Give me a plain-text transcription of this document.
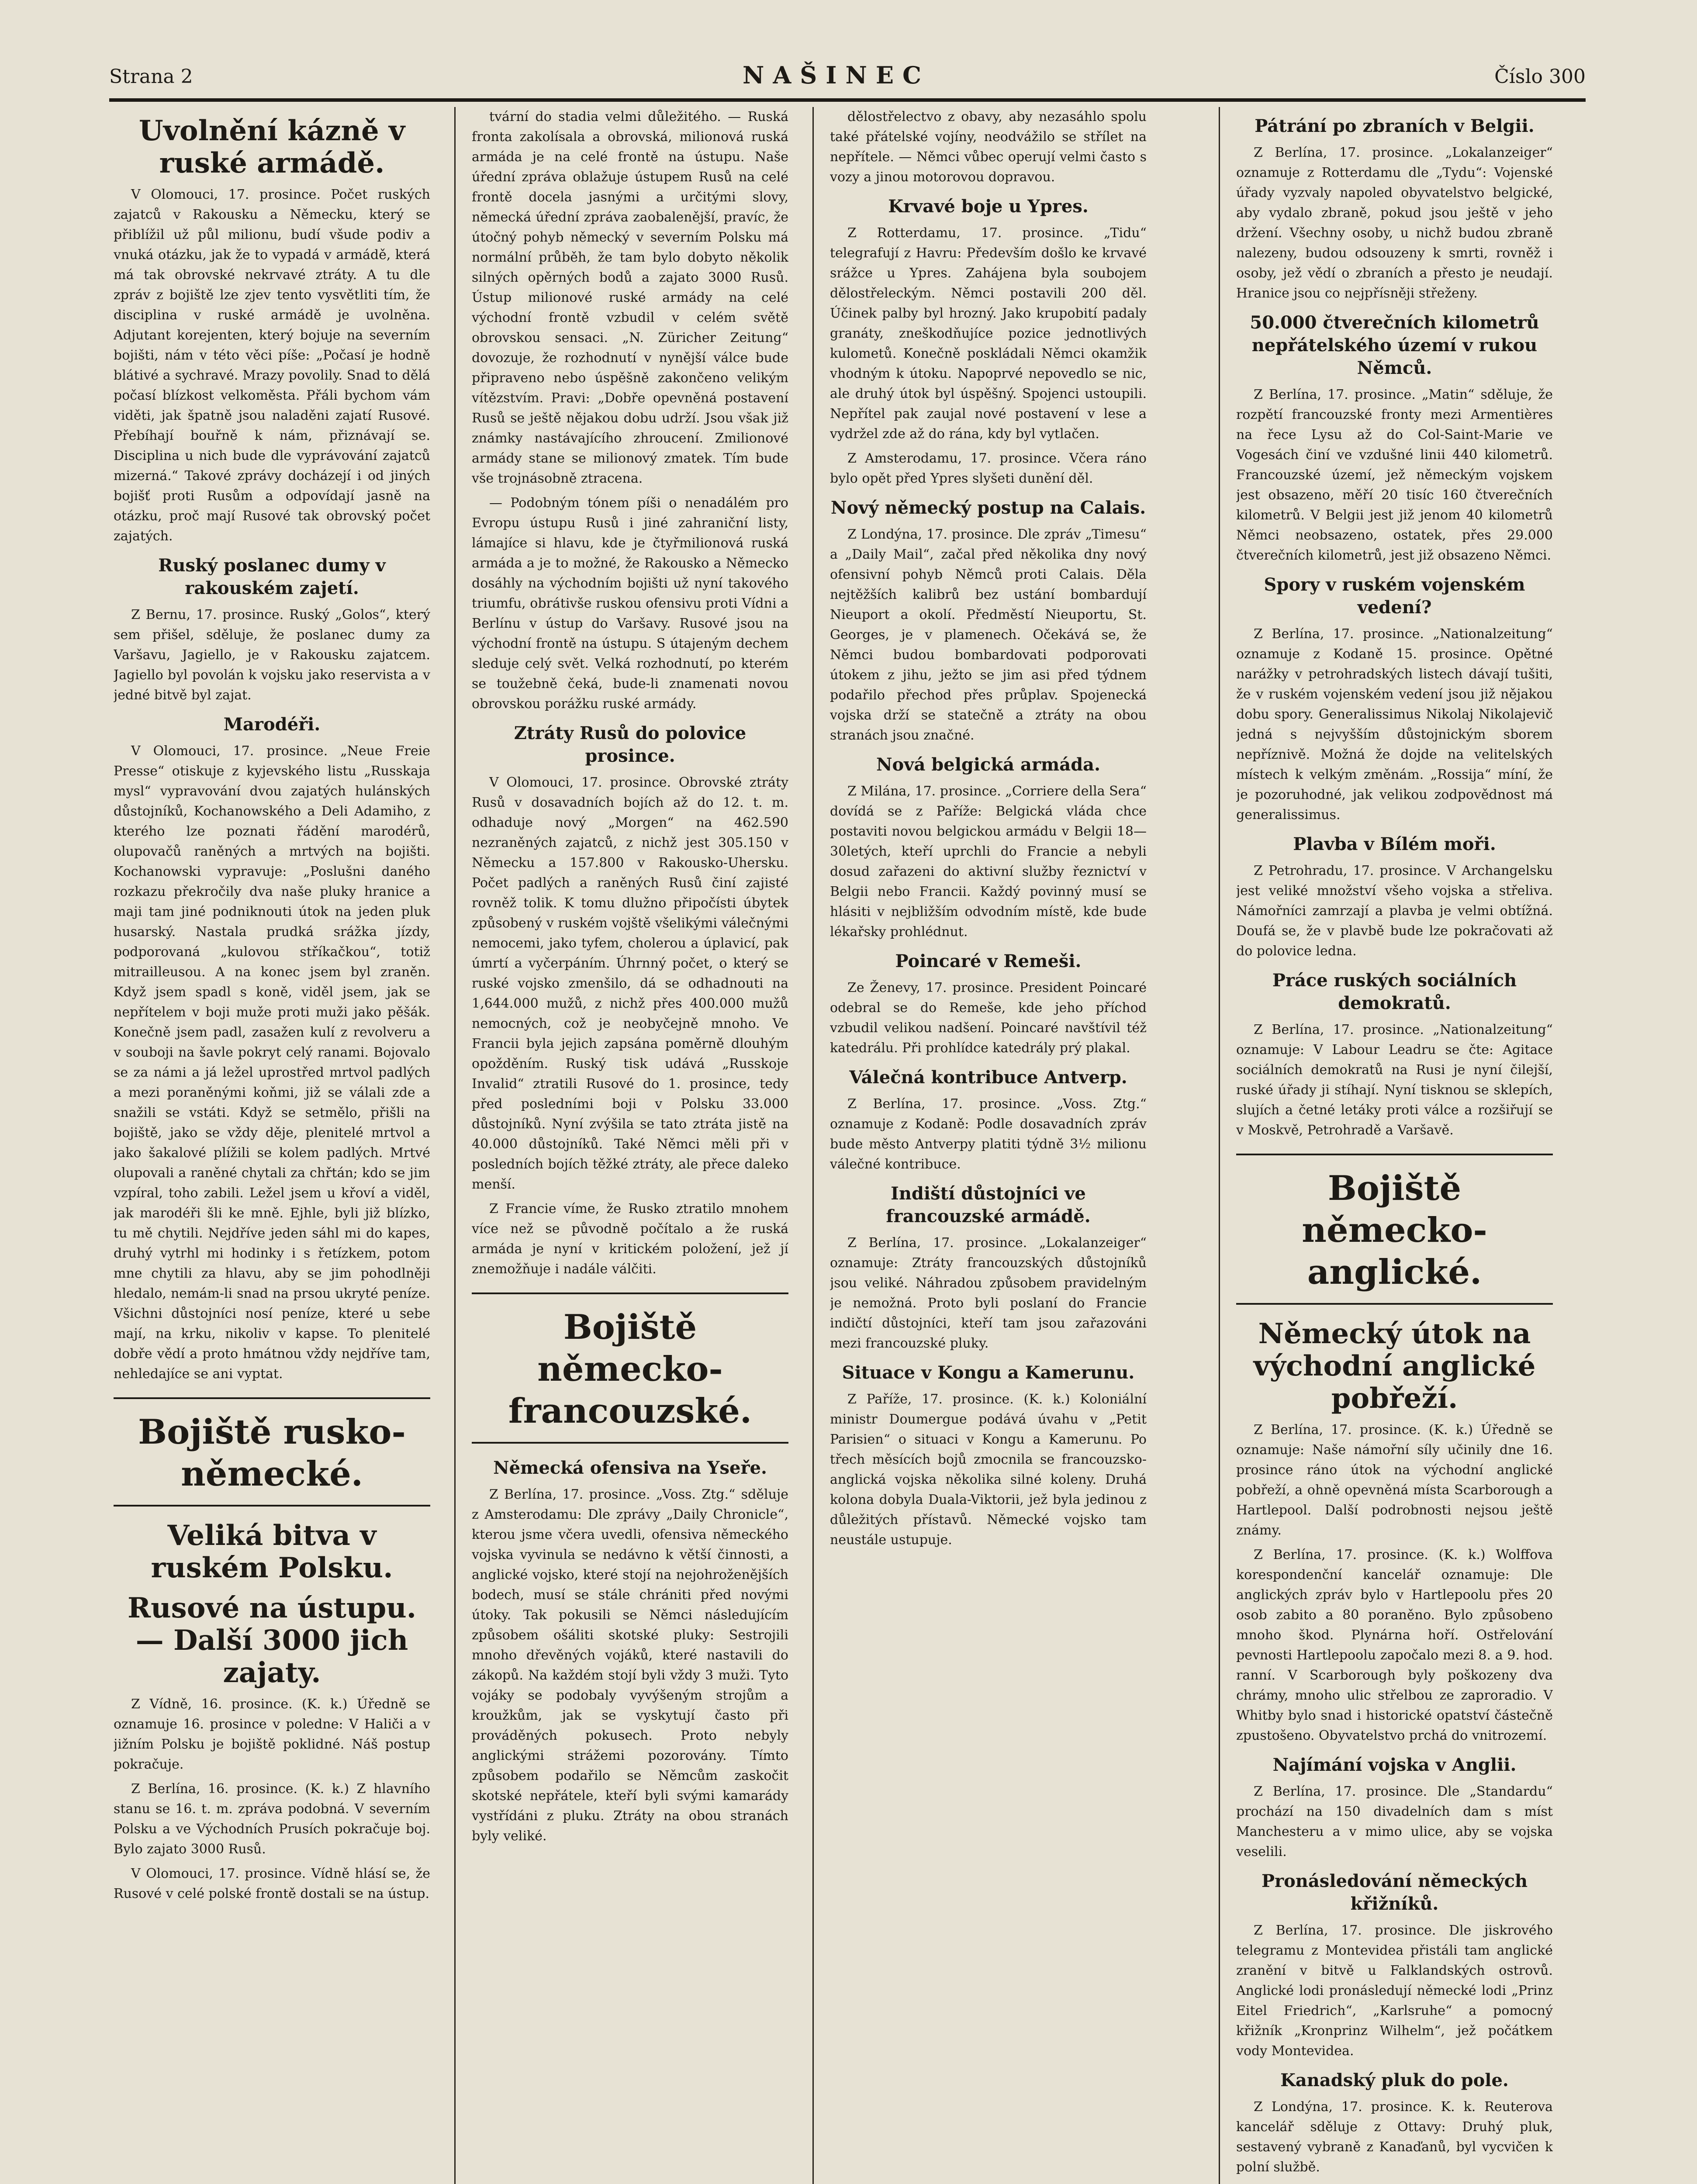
Strana 2	NAŠINEC	Číslo 300
Uvolnění kázně v ruské armádě.

V Olomouci, 17. prosince. Počet ruských zajatců v Rakousku a Německu, který se přiblížil už půl milionu, budí všude podiv a vnuká otázku, jak že to vypadá v armádě, která má tak obrovské nekrvavé ztráty. A tu dle zpráv z bojiště lze zjev tento vysvětliti tím, že disciplina v ruské armádě je uvolněna. Adjutant korejenten, který bojuje na severním bojišti, nám v této věci píše: „Počasí je hodně blátivé a sychravé. Mrazy povolily. Snad to dělá počasí blízkost velkoměsta. Přáli bychom vám viděti, jak špatně jsou naladěni zajatí Rusové. Přebíhají bouřně k nám, přiznávají se. Disciplina u nich bude dle vyprávování zajatců mizerná.“ Takové zprávy docházejí i od jiných bojišť proti Rusům a odpovídají jasně na otázku, proč mají Rusové tak obrovský počet zajatých.

Ruský poslanec dumy v rakouském zajetí.

Z Bernu, 17. prosince. Ruský „Golos“, který sem přišel, sděluje, že poslanec dumy za Varšavu, Jagiello, je v Rakousku zajatcem. Jagiello byl povolán k vojsku jako reservista a v jedné bitvě byl zajat.

Marodéři.

V Olomouci, 17. prosince. „Neue Freie Presse“ otiskuje z kyjevského listu „Russkaja mysl“ vypravování dvou zajatých hulánských důstojníků, Kochanowského a Deli Adamiho, z kterého lze poznati řádění marodérů, olupovačů raněných a mrtvých na bojišti. Kochanowski vypravuje: „Poslušni daného rozkazu překročily dva naše pluky hranice a maji tam jiné podniknouti útok na jeden pluk husarský. Nastala prudká srážka jízdy, podporovaná „kulovou stříkačkou“, totiž mitrailleusou. A na konec jsem byl zraněn. Když jsem spadl s koně, viděl jsem, jak se nepřítelem v boji muže proti muži jako pěšák. Konečně jsem padl, zasažen kulí z revolveru a v souboji na šavle pokryt celý ranami. Bojovalo se za námi a já ležel uprostřed mrtvol padlých a mezi poraněnými koňmi, již se válali zde a snažili se vstáti. Když se setmělo, přišli na bojiště, jako se vždy děje, plenitelé mrtvol a jako šakalové plížili se kolem padlých. Mrtvé olupovali a raněné chytali za chřtán; kdo se jim vzpíral, toho zabili. Ležel jsem u křoví a viděl, jak marodéři šli ke mně. Ejhle, byli již blízko, tu mě chytili. Nejdříve jeden sáhl mi do kapes, druhý vytrhl mi hodinky i s řetízkem, potom mne chytili za hlavu, aby se jim pohodlněji hledalo, nemám-li snad na prsou ukryté peníze. Všichni důstojníci nosí peníze, které u sebe mají, na krku, nikoliv v kapse. To plenitelé dobře vědí a proto hmátnou vždy nejdříve tam, nehledajíce se ani vyptat.

Bojiště rusko-německé.
Veliká bitva v ruském Polsku.
Rusové na ústupu. — Další 3000 jich zajaty.

Z Vídně, 16. prosince. (K. k.) Úředně se oznamuje 16. prosince v poledne: V Haliči a v jižním Polsku je bojiště poklidné. Náš postup pokračuje.

Z Berlína, 16. prosince. (K. k.) Z hlavního stanu se 16. t. m. zpráva podobná. V severním Polsku a ve Východních Prusích pokračuje boj. Bylo zajato 3000 Rusů.

V Olomouci, 17. prosince. Vídně hlásí se, že Rusové v celé polské frontě dostali se na ústup.

tvární do stadia velmi důležitého. — Ruská fronta zakolísala a obrovská, milionová ruská armáda je na celé frontě na ústupu. Naše úřední zpráva oblažuje ústupem Rusů na celé frontě docela jasnými a určitými slovy, německá úřední zpráva zaobalenější, pravíc, že útočný pohyb německý v severním Polsku má normální průběh, že tam bylo dobyto několik silných opěrných bodů a zajato 3000 Rusů. Ústup milionové ruské armády na celé východní frontě vzbudil v celém světě obrovskou sensaci. „N. Züricher Zeitung“ dovozuje, že rozhodnutí v nynější válce bude připraveno nebo úspěšně zakončeno velikým vítězstvím. Pravi: „Dobře opevněná postavení Rusů se ještě nějakou dobu udrží. Jsou však již známky nastávajícího zhroucení. Zmilionové armády stane se milionový zmatek. Tím bude vše trojnásobně ztracena.

— Podobným tónem píši o nenadálém pro Evropu ústupu Rusů i jiné zahraniční listy, lámajíce si hlavu, kde je čtyřmilionová ruská armáda a je to možné, že Rakousko a Německo dosáhly na východním bojišti už nyní takového triumfu, obrátivše ruskou ofensivu proti Vídni a Berlínu v ústup do Varšavy. Rusové jsou na východní frontě na ústupu. S útajeným dechem sleduje celý svět. Velká rozhodnutí, po kterém se toužebně čeká, bude-li znamenati novou obrovskou porážku ruské armády.

Ztráty Rusů do polovice prosince.

V Olomouci, 17. prosince. Obrovské ztráty Rusů v dosavadních bojích až do 12. t. m. odhaduje nový „Morgen“ na 462.590 nezraněných zajatců, z nichž jest 305.150 v Německu a 157.800 v Rakousko-Uhersku. Počet padlých a raněných Rusů činí zajisté rovněž tolik. K tomu dlužno připočísti úbytek způsobený v ruském vojště všelikými válečnými nemocemi, jako tyfem, cholerou a úplavicí, pak úmrtí a vyčerpáním. Úhrnný počet, o který se ruské vojsko zmenšilo, dá se odhadnouti na 1,644.000 mužů, z nichž přes 400.000 mužů nemocných, což je neobyčejně mnoho. Ve Francii byla jejich zapsána poměrně dlouhým opožděním. Ruský tisk udává „Russkoje Invalid“ ztratili Rusové do 1. prosince, tedy před posledními boji v Polsku 33.000 důstojníků. Nyní zvýšila se tato ztráta jistě na 40.000 důstojníků. Také Němci měli při v posledních bojích těžké ztráty, ale přece daleko menší.

Z Francie víme, že Rusko ztratilo mnohem více než se původně počítalo a že ruská armáda je nyní v kritickém položení, jež jí znemožňuje i nadále válčiti.

Bojiště německo-francouzské.
Německá ofensiva na Yseře.

Z Berlína, 17. prosince. „Voss. Ztg.“ sděluje z Amsterodamu: Dle zprávy „Daily Chronicle“, kterou jsme včera uvedli, ofensiva německého vojska vyvinula se nedávno k větší činnosti, a anglické vojsko, které stojí na nejohroženějších bodech, musí se stále chrániti před novými útoky. Tak pokusili se Němci následujícím způsobem ošáliti skotské pluky: Sestrojili mnoho dřevěných vojáků, které nastavili do zákopů. Na každém stojí byli vždy 3 muži. Tyto vojáky se podobaly vyvýšeným strojům a kroužkům, jak se vyskytují často při prováděných pokusech. Proto nebyly anglickými strážemi pozorovány. Tímto způsobem podařilo se Němcům zaskočit skotské nepřátele, kteří byli svými kamarády vystřídáni z pluku. Ztráty na obou stranách byly veliké.

dělostřelectvo z obavy, aby nezasáhlo spolu také přátelské vojíny, neodvážilo se střílet na nepřítele. — Němci vůbec operují velmi často s vozy a jinou motorovou dopravou.

Krvavé boje u Ypres.

Z Rotterdamu, 17. prosince. „Tidu“ telegrafují z Havru: Především došlo ke krvavé srážce u Ypres. Zahájena byla soubojem dělostřeleckým. Němci postavili 200 děl. Účinek palby byl hrozný. Jako krupobití padaly granáty, zneškodňujíce pozice jednotlivých kulometů. Konečně poskládali Němci okamžik vhodným k útoku. Napoprvé nepovedlo se nic, ale druhý útok byl úspěšný. Spojenci ustoupili. Nepřítel pak zaujal nové postavení v lese a vydržel zde až do rána, kdy byl vytlačen.

Z Amsterodamu, 17. prosince. Včera ráno bylo opět před Ypres slyšeti dunění děl.

Nový německý postup na Calais.

Z Londýna, 17. prosince. Dle zpráv „Timesu“ a „Daily Mail“, začal před několika dny nový ofensivní pohyb Němců proti Calais. Děla nejtěžších kalibrů bez ustání bombardují Nieuport a okolí. Předměstí Nieuportu, St. Georges, je v plamenech. Očekává se, že Němci budou bombardovati podporovati útokem z jihu, ježto se jim asi před týdnem podařilo přechod přes průplav. Spojenecká vojska drží se statečně a ztráty na obou stranách jsou značné.

Nová belgická armáda.

Z Milána, 17. prosince. „Corriere della Sera“ dovídá se z Paříže: Belgická vláda chce postaviti novou belgickou armádu v Belgii 18—30letých, kteří uprchli do Francie a nebyli dosud zařazeni do aktivní služby řeznictví v Belgii nebo Francii. Každý povinný musí se hlásiti v nejbližším odvodním místě, kde bude lékařsky prohlédnut.

Poincaré v Remeši.

Ze Ženevy, 17. prosince. President Poincaré odebral se do Remeše, kde jeho příchod vzbudil velikou nadšení. Poincaré navštívil též katedrálu. Při prohlídce katedrály prý plakal.

Válečná kontribuce Antverp.

Z Berlína, 17. prosince. „Voss. Ztg.“ oznamuje z Kodaně: Podle dosavadních zpráv bude město Antverpy platiti týdně 3½ milionu válečné kontribuce.

Indiští důstojníci ve francouzské armádě.

Z Berlína, 17. prosince. „Lokalanzeiger“ oznamuje: Ztráty francouzských důstojníků jsou veliké. Náhradou způsobem pravidelným je nemožná. Proto byli poslaní do Francie indičtí důstojníci, kteří tam jsou zařazováni mezi francouzské pluky.

Situace v Kongu a Kamerunu.

Z Paříže, 17. prosince. (K. k.) Koloniální ministr Doumergue podává úvahu v „Petit Parisien“ o situaci v Kongu a Kamerunu. Po třech měsících bojů zmocnila se francouzsko-anglická vojska několika silné koleny. Druhá kolona dobyla Duala-Viktorii, jež byla jedinou z důležitých přístavů. Německé vojsko tam neustále ustupuje.

Pátrání po zbraních v Belgii.

Z Berlína, 17. prosince. „Lokalanzeiger“ oznamuje z Rotterdamu dle „Tydu“: Vojenské úřady vyzvaly napoled obyvatelstvo belgické, aby vydalo zbraně, pokud jsou ještě v jeho držení. Všechny osoby, u nichž budou zbraně nalezeny, budou odsouzeny k smrti, rovněž i osoby, jež vědí o zbraních a přesto je neudají. Hranice jsou co nejpřísněji střeženy.

50.000 čtverečních kilometrů nepřátelského území v rukou Němců.

Z Berlína, 17. prosince. „Matin“ sděluje, že rozpětí francouzské fronty mezi Armentières na řece Lysu až do Col-Saint-Marie ve Vogesách činí ve vzdušné linii 440 kilometrů. Francouzské území, jež německým vojskem jest obsazeno, měří 20 tisíc 160 čtverečních kilometrů. V Belgii jest již jenom 40 kilometrů Němci neobsazeno, ostatek, přes 29.000 čtverečních kilometrů, jest již obsazeno Němci.

Spory v ruském vojenském vedení?

Z Berlína, 17. prosince. „Nationalzeitung“ oznamuje z Kodaně 15. prosince. Opětné narážky v petrohradských listech dávají tušiti, že v ruském vojenském vedení jsou již nějakou dobu spory. Generalissimus Nikolaj Nikolajevič jedná s nejvyšším důstojnickým sborem nepříznivě. Možná že dojde na velitelských místech k velkým změnám. „Rossija“ míní, že je pozoruhodné, jak velikou zodpovědnost má generalissimus.

Plavba v Bílém moři.

Z Petrohradu, 17. prosince. V Archangelsku jest veliké množství všeho vojska a střeliva. Námořníci zamrzají a plavba je velmi obtížná. Doufá se, že v plavbě bude lze pokračovati až do polovice ledna.

Práce ruských sociálních demokratů.

Z Berlína, 17. prosince. „Nationalzeitung“ oznamuje: V Labour Leadru se čte: Agitace sociálních demokratů na Rusi je nyní čilejší, ruské úřady ji stíhají. Nyní tisknou se sklepích, slujích a četné letáky proti válce a rozšiřují se v Moskvě, Petrohradě a Varšavě.

Bojiště německo-anglické.
Německý útok na východní anglické pobřeží.

Z Berlína, 17. prosince. (K. k.) Úředně se oznamuje: Naše námořní síly učinily dne 16. prosince ráno útok na východní anglické pobřeží, a ohně opevněná místa Scarborough a Hartlepool. Další podrobnosti nejsou ještě známy.

Z Berlína, 17. prosince. (K. k.) Wolffova korespondenční kancelář oznamuje: Dle anglických zpráv bylo v Hartlepoolu přes 20 osob zabito a 80 poraněno. Bylo způsobeno mnoho škod. Plynárna hoří. Ostřelování pevnosti Hartlepoolu započalo mezi 8. a 9. hod. ranní. V Scarborough byly poškozeny dva chrámy, mnoho ulic střelbou ze zaproradio. V Whitby bylo snad i historické opatství částečně zpustošeno. Obyvatelstvo prchá do vnitrozemí.

Najímání vojska v Anglii.

Z Berlína, 17. prosince. Dle „Standardu“ prochází na 150 divadelních dam s míst Manchesteru a v mimo ulice, aby se vojska veselili.

Pronásledování německých křižníků.

Z Berlína, 17. prosince. Dle jiskrového telegramu z Montevidea přistáli tam anglické zranění v bitvě u Falklandských ostrovů. Anglické lodi pronásledují německé lodi „Prinz Eitel Friedrich“, „Karlsruhe“ a pomocný křižník „Kronprinz Wilhelm“, jež počátkem vody Montevidea.

Kanadský pluk do pole.

Z Londýna, 17. prosince. K. k. Reuterova kancelář sděluje z Ottavy: Druhý pluk, sestavený vybraně z Kanaďanů, byl vycvičen k polní službě.
